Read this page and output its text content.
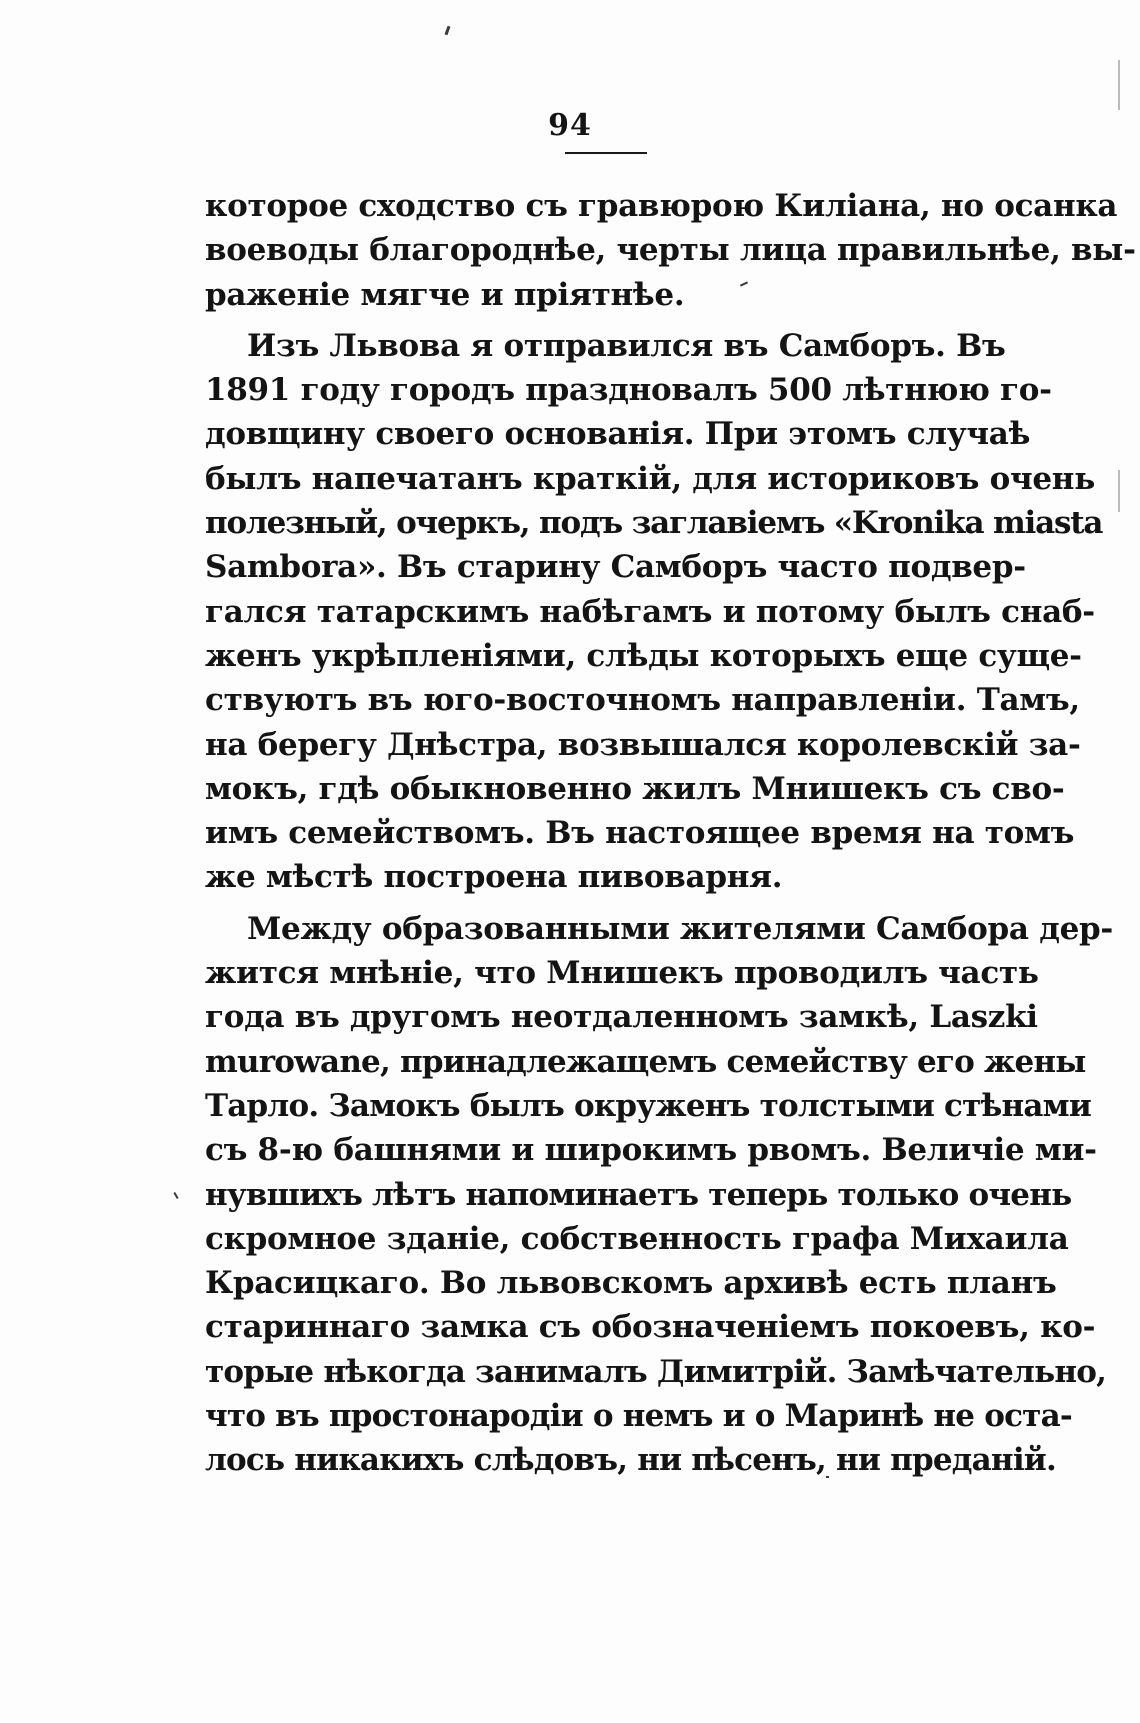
94
которое сходство съ гравюрою Киліана, но осанка
воеводы благороднѣе, черты лица правильнѣе, вы-
раженіе мягче и пріятнѣе.
Изъ Львова я отправился въ Самборъ. Въ
1891 году городъ праздновалъ 500 лѣтнюю го-
довщину своего основанія. При этомъ случаѣ
былъ напечатанъ краткій, для историковъ очень
полезный, очеркъ, подъ заглавіемъ «Kronika miasta
Sambora». Въ старину Самборъ часто подвер-
гался татарскимъ набѣгамъ и потому былъ снаб-
женъ укрѣпленіями, слѣды которыхъ еще суще-
ствуютъ въ юго-восточномъ направленіи. Тамъ,
на берегу Днѣстра, возвышался королевскій за-
мокъ, гдѣ обыкновенно жилъ Мнишекъ съ сво-
имъ семействомъ. Въ настоящее время на томъ
же мѣстѣ построена пивоварня.
Между образованными жителями Самбора дер-
жится мнѣніе, что Мнишекъ проводилъ часть
года въ другомъ неотдаленномъ замкѣ, Laszki
murowane, принадлежащемъ семейству его жены
Тарло. Замокъ былъ окруженъ толстыми стѣнами
съ 8-ю башнями и широкимъ рвомъ. Величіе ми-
нувшихъ лѣтъ напоминаетъ теперь только очень
скромное зданіе, собственность графа Михаила
Красицкаго. Во львовскомъ архивѣ есть планъ
стариннаго замка съ обозначеніемъ покоевъ, ко-
торые нѣкогда занималъ Димитрій. Замѣчательно,
что въ простонародіи о немъ и о Маринѣ не оста-
лось никакихъ слѣдовъ, ни пѣсенъ, ни преданій.
